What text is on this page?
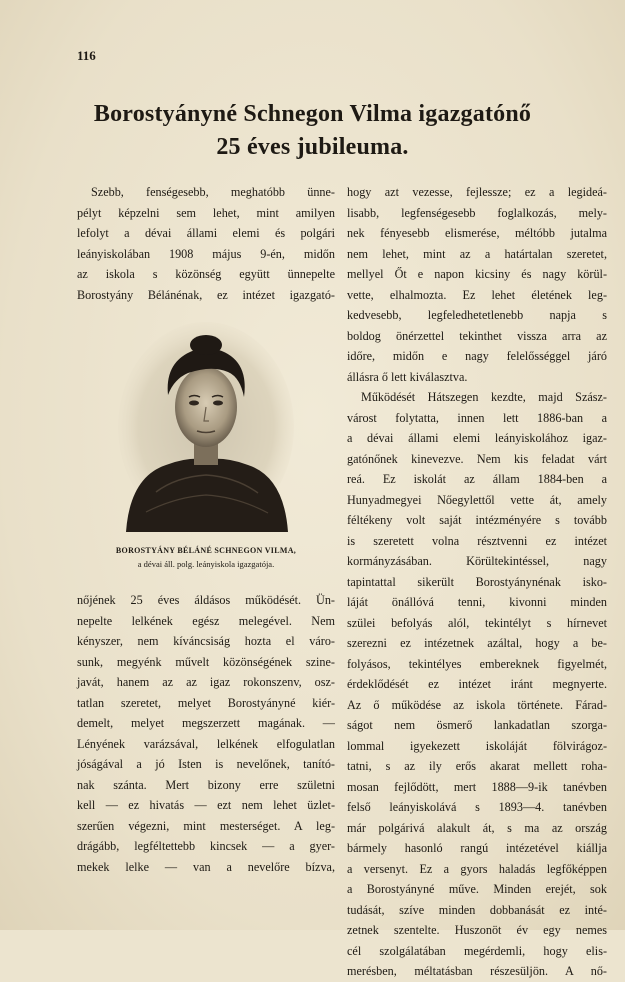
116
Borostyányné Schnegon Vilma igazgatónő
25 éves jubileuma.

Szebb, fenségesebb, meghatóbb ünne-

pélyt képzelni sem lehet, mint amilyen

lefolyt a dévai állami elemi és polgári

leányiskolában 1908 május 9-én, midőn

az iskola s közönség együtt ünnepelte

Borostyány Bélánénak, ez intézet igazgató-

BOROSTYÁNY BÉLÁNÉ SCHNEGON VILMA,
a dévai áll. polg. leányiskola igazgatója.

nőjének 25 éves áldásos működését. Ün-

nepelte lelkének egész melegével. Nem

kényszer, nem kíváncsiság hozta el váro-

sunk, megyénk művelt közönségének szine-

javát, hanem az az igaz rokonszenv, osz-

tatlan szeretet, melyet Borostyányné kiér-

demelt, melyet megszerzett magának. —

Lényének varázsával, lelkének elfogulatlan

jóságával a jó Isten is nevelőnek, tanító-

nak szánta. Mert bizony erre születni

kell — ez hivatás — ezt nem lehet üzlet-

szerűen végezni, mint mesterséget. A leg-

drágább, legféltettebb kincsek — a gyer-

mekek lelke — van a nevelőre bízva,

hogy azt vezesse, fejlessze; ez a legideá-

lisabb, legfenségesebb foglalkozás, mely-

nek fényesebb elismerése, méltóbb jutalma

nem lehet, mint az a határtalan szeretet,

mellyel Őt e napon kicsiny és nagy körül-

vette, elhalmozta. Ez lehet életének leg-

kedvesebb, legfeledhetetlenebb napja s

boldog önérzettel tekinthet vissza arra az

időre, midőn e nagy felelősséggel járó

állásra ő lett kiválasztva.

Működését Hátszegen kezdte, majd Szász-

várost folytatta, innen lett 1886-ban a

a dévai állami elemi leányiskolához igaz-

gatónőnek kinevezve. Nem kis feladat várt

reá. Ez iskolát az állam 1884-ben a

Hunyadmegyei Nőegylettől vette át, amely

féltékeny volt saját intézményére s tovább

is szeretett volna résztvenni ez intézet

kormányzásában. Körültekintéssel, nagy

tapintattal sikerült Borostyánynénak isko-

láját önállóvá tenni, kivonni minden

szülei befolyás alól, tekintélyt s hírnevet

szerezni ez intézetnek azáltal, hogy a be-

folyásos, tekintélyes embereknek figyelmét,

érdeklődését ez intézet iránt megnyerte.

Az ő működése az iskola története. Fárad-

ságot nem ösmerő lankadatlan szorga-

lommal igyekezett iskoláját fölvirágoz-

tatni, s az ily erős akarat mellett roha-

mosan fejlődött, mert 1888—9-ik tanévben

felső leányiskolává s 1893—4. tanévben

már polgárivá alakult át, s ma az ország

bármely hasonló rangú intézetével kiállja

a versenyt. Ez a gyors haladás legfőképpen

a Borostyányné műve. Minden erejét, sok

tudását, szíve minden dobbanását ez inté-

zetnek szentelte. Huszonöt év egy nemes

cél szolgálatában megérdemli, hogy elis-

merésben, méltatásban részesüljön. A nő-
